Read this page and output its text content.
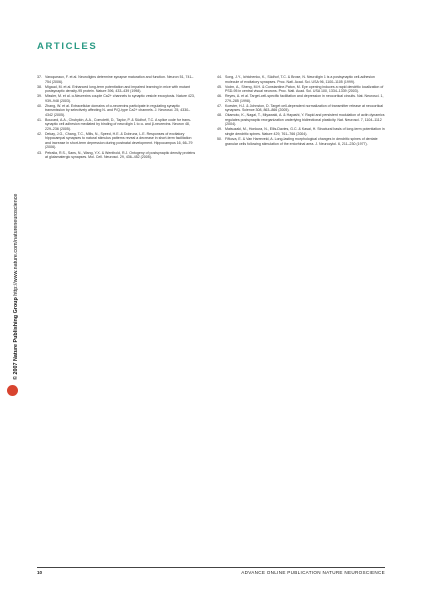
ARTICLES
© 2007 Nature Publishing Group http://www.nature.com/natureneuroscience
37. Varoqueaux, F. et al. Neuroligins determine synapse maturation and function. Neuron 51, 741–754 (2006).
38. Migaud, M. et al. Enhanced long-term potentiation and impaired learning in mice with mutant postsynaptic density-95 protein. Nature 396, 433–439 (1998).
39. Missler, M. et al. α-Neurexins couple Ca2+ channels to synaptic vesicle exocytosis. Nature 423, 939–948 (2003).
40. Zhang, W. et al. Extracellular domains of α-neurexins participate in regulating synaptic transmission by selectively affecting N- and P/Q-type Ca2+ channels. J. Neurosci. 25, 4330–4342 (2005).
41. Boucard, A.A., Chubykin, A.A., Comoletti, D., Taylor, P. & Südhof, T.C. A splice code for trans-synaptic cell adhesion mediated by binding of neuroligin 1 to α- and β-neurexins. Neuron 48, 229–236 (2005).
42. Dekay, J.G., Chang, T.C., Mills, N., Speed, H.E. & Dobrunz, L.E. Responses of excitatory hippocampal synapses to natural stimulus patterns reveal a decrease in short-term facilitation and increase in short-term depression during postnatal development. Hippocampus 16, 66–79 (2006).
43. Petralia, R.S., Sans, N., Wang, Y.X. & Wenthold, R.J. Ontogeny of postsynaptic density proteins at glutamatergic synapses. Mol. Cell. Neurosci. 29, 436–452 (2005).
44. Song, J.Y., Ichtchenko, K., Südhof, T.C. & Brose, N. Neuroligin 1 is a postsynaptic cell-adhesion molecule of excitatory synapses. Proc. Natl. Acad. Sci. USA 96, 1100–1105 (1999).
45. Vodrn, A., Sheng, M.H. & Constantine-Paton, M. Eye opening induces a rapid dendritic localization of PSD-95 in central visual neurons. Proc. Natl. Acad. Sci. USA 100, 1334–1339 (2003).
46. Reyes, A. et al. Target-cell-specific facilitation and depression in neocortical circuits. Nat. Neurosci. 1, 279–285 (1998).
47. Koester, H.J. & Johnston, D. Target cell-dependent normalization of transmitter release at neocortical synapses. Science 308, 863–866 (2005).
48. Okamoto, K., Nagai, T., Miyawaki, A. & Hayashi, Y. Rapid and persistent modulation of actin dynamics regulates postsynaptic reorganization underlying bidirectional plasticity. Nat. Neurosci. 7, 1104–1112 (2004).
49. Matsuzaki, M., Honkura, N., Ellis-Davies, G.C. & Kasai, H. Structural basis of long-term potentiation in single dendritic spines. Nature 429, 761–766 (2004).
50. Fifkova, E. & Van Harreveld, A. Long-lasting morphological changes in dendritic spines of dentate granular cells following stimulation of the entorhinal area. J. Neurocytol. 6, 211–230 (1977).
10	ADVANCE ONLINE PUBLICATION NATURE NEUROSCIENCE
